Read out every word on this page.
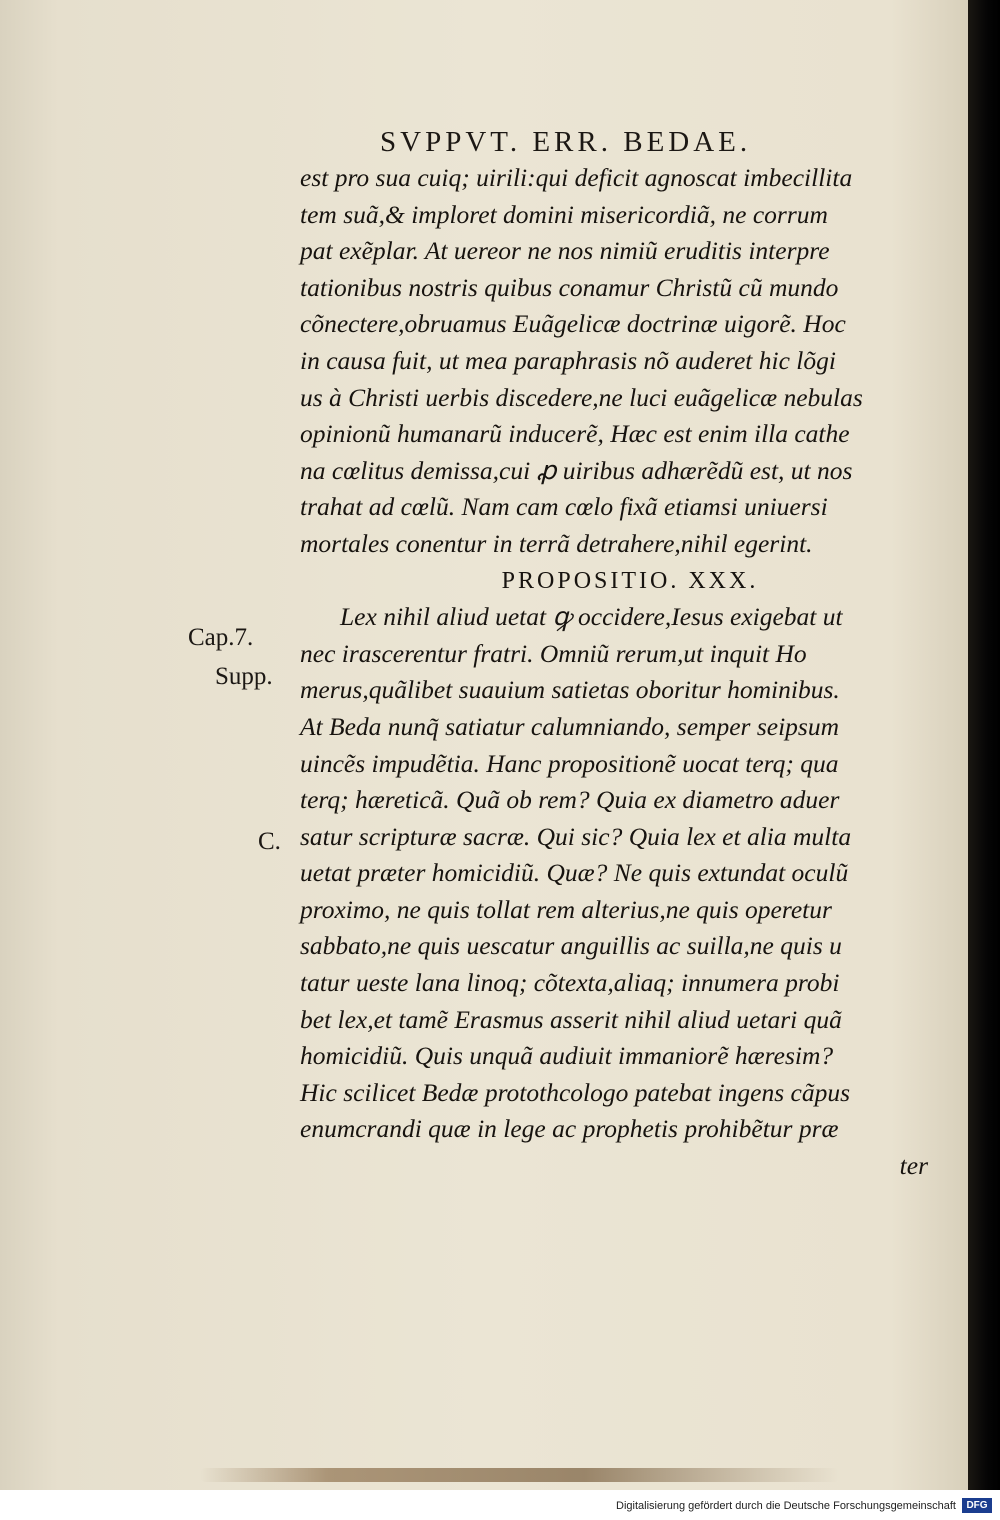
SVPPVT. ERR. BEDAE.
Cap.7.
Supp.
C.
est pro sua cuiq; uirili:qui deficit agnoscat imbecillita
tem suã,& imploret domini misericordiã, ne corrum
pat exẽplar. At uereor ne nos nimiũ eruditis interpre
tationibus nostris quibus conamur Christũ cũ mundo
cõnectere,obruamus Euãgelicæ doctrinæ uigorẽ. Hoc
in causa fuit, ut mea paraphrasis nõ auderet hic lõgi
us à Christi uerbis discedere,ne luci euãgelicæ nebulas
opinionũ humanarũ inducerẽ, Hæc est enim illa cathe
na cœlitus demissa,cui ꝓ uiribus adhærẽdũ est, ut nos
trahat ad cœlũ. Nam cam cœlo fixã etiamsi uniuersi
mortales conentur in terrã detrahere,nihil egerint.
PROPOSITIO. XXX.
Lex nihil aliud uetat ꝙ occidere,Iesus exigebat ut
nec irascerentur fratri. Omniũ rerum,ut inquit Ho
merus,quãlibet suauium satietas oboritur hominibus.
At Beda nunq̃ satiatur calumniando, semper seipsum
uincẽs impudẽtia. Hanc propositionẽ uocat terq; qua
terq; hæreticã. Quã ob rem? Quia ex diametro aduer
satur scripturæ sacræ. Qui sic? Quia lex et alia multa
uetat præter homicidiũ. Quæ? Ne quis extundat oculũ
proximo, ne quis tollat rem alterius,ne quis operetur
sabbato,ne quis uescatur anguillis ac suilla,ne quis u
tatur ueste lana linoq; cõtexta,aliaq; innumera probi
bet lex,et tamẽ Erasmus asserit nihil aliud uetari quã
homicidiũ. Quis unquã audiuit immaniorẽ hæresim?
Hic scilicet Bedæ protothcologo patebat ingens cãpus
enumcrandi quæ in lege ac prophetis prohibẽtur præ
ter
Digitalisierung gefördert durch die Deutsche Forschungsgemeinschaft	DFG
